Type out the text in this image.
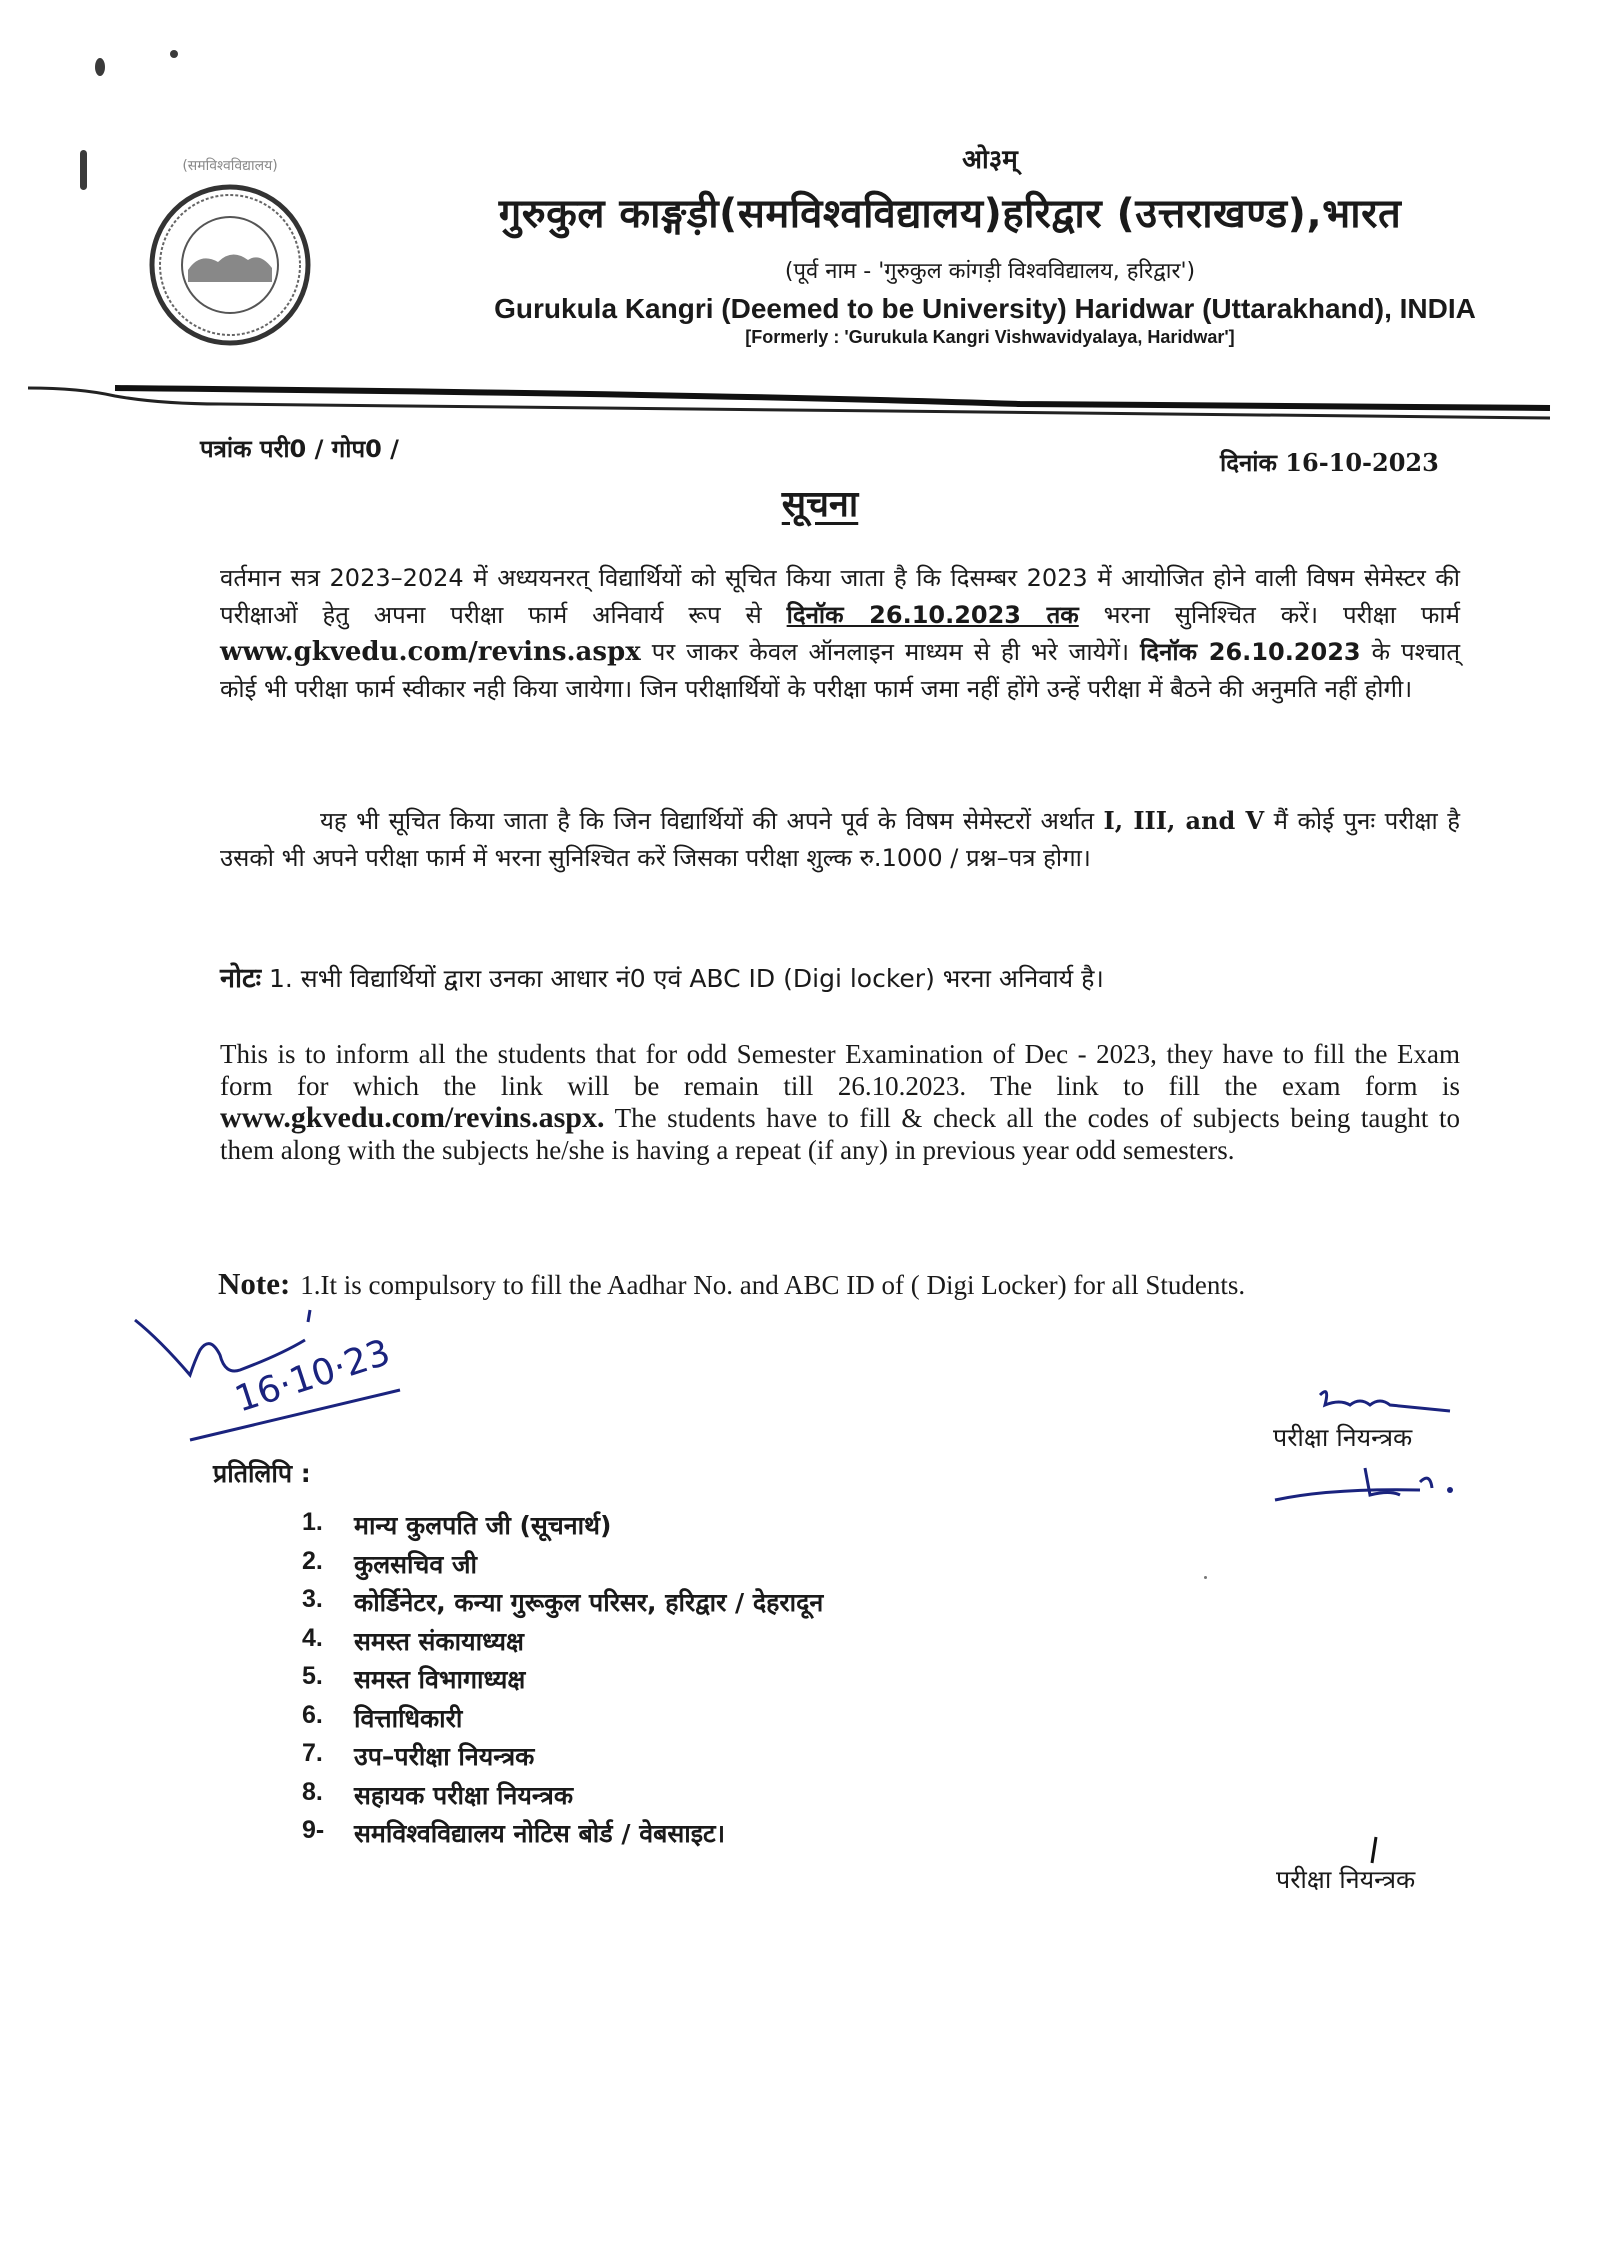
(समविश्वविद्यालय)	ओ३म्
गुरुकुल काङ्गड़ी(समविश्वविद्यालय)हरिद्वार (उत्तराखण्ड),भारत
(पूर्व नाम - 'गुरुकुल कांगड़ी विश्वविद्यालय, हरिद्वार')
Gurukula Kangri (Deemed to be University) Haridwar (Uttarakhand), INDIA
[Formerly : 'Gurukula Kangri Vishwavidyalaya, Haridwar']
पत्रांक परी0 / गोप0 /	दिनांक 16-10-2023
सूचना
वर्तमान सत्र 2023–2024 में अध्ययनरत् विद्यार्थियों को सूचित किया जाता है कि दिसम्बर 2023 में आयोजित होने वाली विषम सेमेस्टर की परीक्षाओं हेतु अपना परीक्षा फार्म अनिवार्य रूप से दिनॉक 26.10.2023 तक भरना सुनिश्चित करें। परीक्षा फार्म www.gkvedu.com/revins.aspx पर जाकर केवल ऑनलाइन माध्यम से ही भरे जायेगें। दिनॉक 26.10.2023 के पश्चात् कोई भी परीक्षा फार्म स्वीकार नही किया जायेगा। जिन परीक्षार्थियों के परीक्षा फार्म जमा नहीं होंगे उन्हें परीक्षा में बैठने की अनुमति नहीं होगी।
यह भी सूचित किया जाता है कि जिन विद्यार्थियों की अपने पूर्व के विषम सेमेस्टरों अर्थात I, III, and V मैं कोई पुनः परीक्षा है उसको भी अपने परीक्षा फार्म में भरना सुनिश्चित करें जिसका परीक्षा शुल्क रु.1000 / प्रश्न–पत्र होगा।
नोटः 1. सभी विद्यार्थियों द्वारा उनका आधार नं0 एवं ABC ID (Digi locker) भरना अनिवार्य है।
This is to inform all the students that for odd Semester Examination of Dec - 2023, they have to fill the Exam form for which the link will be remain till 26.10.2023. The link to fill the exam form is www.gkvedu.com/revins.aspx. The students have to fill & check all the codes of subjects being taught to them along with the subjects he/she is having a repeat (if any) in previous year odd semesters.
Note: 1.It is compulsory to fill the Aadhar No. and ABC ID of ( Digi Locker) for all Students.
16·10·23
परीक्षा नियन्त्रक
प्रतिलिपि :
1.	मान्य कुलपति जी (सूचनार्थ)
2.	कुलसचिव जी
3.	कोर्डिनेटर, कन्या गुरूकुल परिसर, हरिद्वार / देहरादून
4.	समस्त संकायाध्यक्ष
5.	समस्त विभागाध्यक्ष
6.	वित्ताधिकारी
7.	उप–परीक्षा नियन्त्रक
8.	सहायक परीक्षा नियन्त्रक
9-	समविश्वविद्यालय नोटिस बोर्ड / वेबसाइट।
परीक्षा नियन्त्रक
